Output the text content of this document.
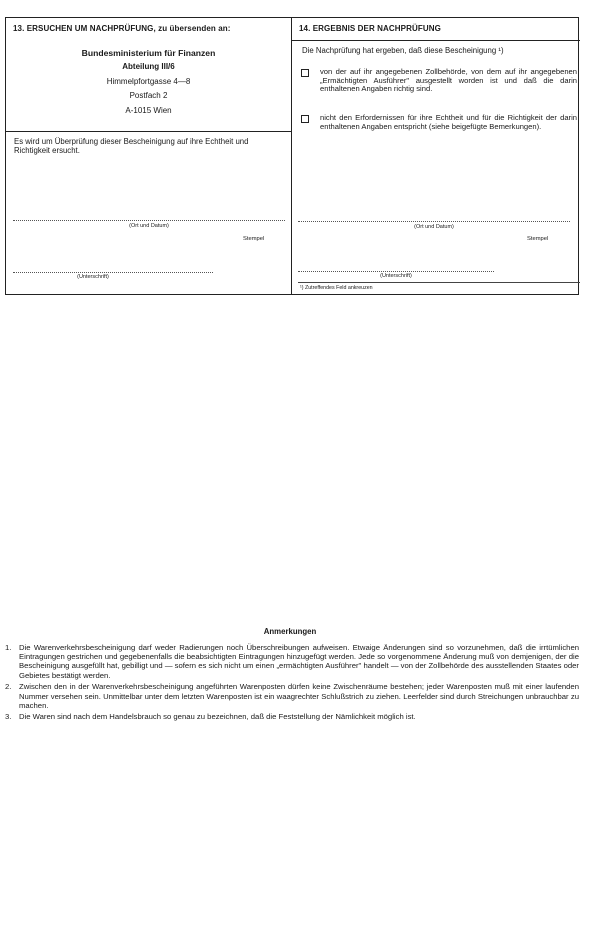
13. ERSUCHEN UM NACHPRÜFUNG, zu übersenden an:
Bundesministerium für Finanzen
Abteilung III/6
Himmelpfortgasse 4—8
Postfach 2
A-1015 Wien
Es wird um Überprüfung dieser Bescheinigung auf ihre Echtheit und Richtigkeit ersucht.
(Ort und Datum)
Stempel
(Unterschrift)
14. ERGEBNIS DER NACHPRÜFUNG
Die Nachprüfung hat ergeben, daß diese Bescheinigung ¹)
von der auf ihr angegebenen Zollbehörde, von dem auf ihr angegebenen „Ermächtigten Ausführer" ausgestellt worden ist und daß die darin enthaltenen Angaben richtig sind.
nicht den Erfordernissen für ihre Echtheit und für die Richtigkeit der darin enthaltenen Angaben entspricht (siehe beigefügte Bemerkungen).
(Ort und Datum)
Stempel
(Unterschrift)
¹) Zutreffendes Feld ankreuzen
Anmerkungen
1. Die Warenverkehrsbescheinigung darf weder Radierungen noch Überschreibungen aufweisen. Etwaige Änderungen sind so vorzunehmen, daß die irrtümlichen Eintragungen gestrichen und gegebenenfalls die beabsichtigten Eintragungen hinzugefügt werden. Jede so vorgenommene Änderung muß von demjenigen, der die Bescheinigung ausgefüllt hat, gebilligt und — sofern es sich nicht um einen „ermächtigten Ausführer" handelt — von der Zollbehörde des ausstellenden Staates oder Gebietes bestätigt werden.
2. Zwischen den in der Warenverkehrsbescheinigung angeführten Warenposten dürfen keine Zwischenräume bestehen; jeder Warenposten muß mit einer laufenden Nummer versehen sein. Unmittelbar unter dem letzten Warenposten ist ein waagrechter Schlußstrich zu ziehen. Leerfelder sind durch Streichungen unbrauchbar zu machen.
3. Die Waren sind nach dem Handelsbrauch so genau zu bezeichnen, daß die Feststellung der Nämlichkeit möglich ist.
